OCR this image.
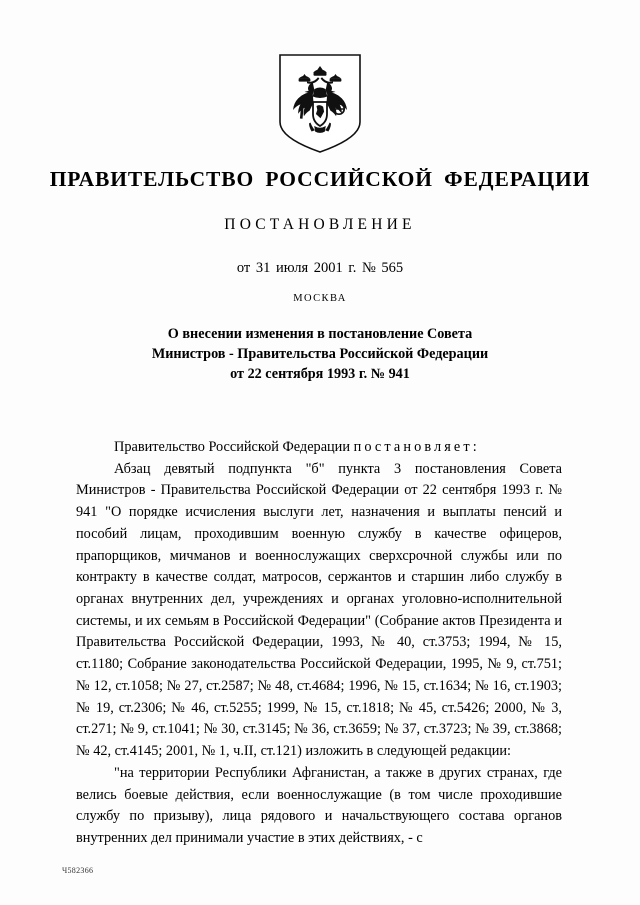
ПРАВИТЕЛЬСТВО РОССИЙСКОЙ ФЕДЕРАЦИИ
ПОСТАНОВЛЕНИЕ
от 31 июля 2001 г. № 565
МОСКВА
О внесении изменения в постановление Совета
Министров - Правительства Российской Федерации
от 22 сентября 1993 г. № 941

Правительство Российской Федерации постановляет:

Абзац девятый подпункта "б" пункта 3 постановления Совета Министров - Правительства Российской Федерации от 22 сентября 1993 г. № 941 "О порядке исчисления выслуги лет, назначения и выплаты пенсий и пособий лицам, проходившим военную службу в качестве офицеров, прапорщиков, мичманов и военнослужащих сверхсрочной службы или по контракту в качестве солдат, матросов, сержантов и старшин либо службу в органах внутренних дел, учреждениях и органах уголовно-исполнительной системы, и их семьям в Российской Федерации" (Собрание актов Президента и Правительства Российской Федерации, 1993, № 40, ст.3753; 1994, № 15, ст.1180; Собрание законодательства Российской Федерации, 1995, № 9, ст.751; № 12, ст.1058; № 27, ст.2587; № 48, ст.4684; 1996, № 15, ст.1634; № 16, ст.1903; № 19, ст.2306; № 46, ст.5255; 1999, № 15, ст.1818; № 45, ст.5426; 2000, № 3, ст.271; № 9, ст.1041; № 30, ст.3145; № 36, ст.3659; № 37, ст.3723; № 39, ст.3868; № 42, ст.4145; 2001, № 1, ч.II, ст.121) изложить в следующей редакции:

"на территории Республики Афганистан, а также в других странах, где велись боевые действия, если военнослужащие (в том числе проходившие службу по призыву), лица рядового и начальствующего состава органов внутренних дел принимали участие в этих действиях, - с

Ч582366
